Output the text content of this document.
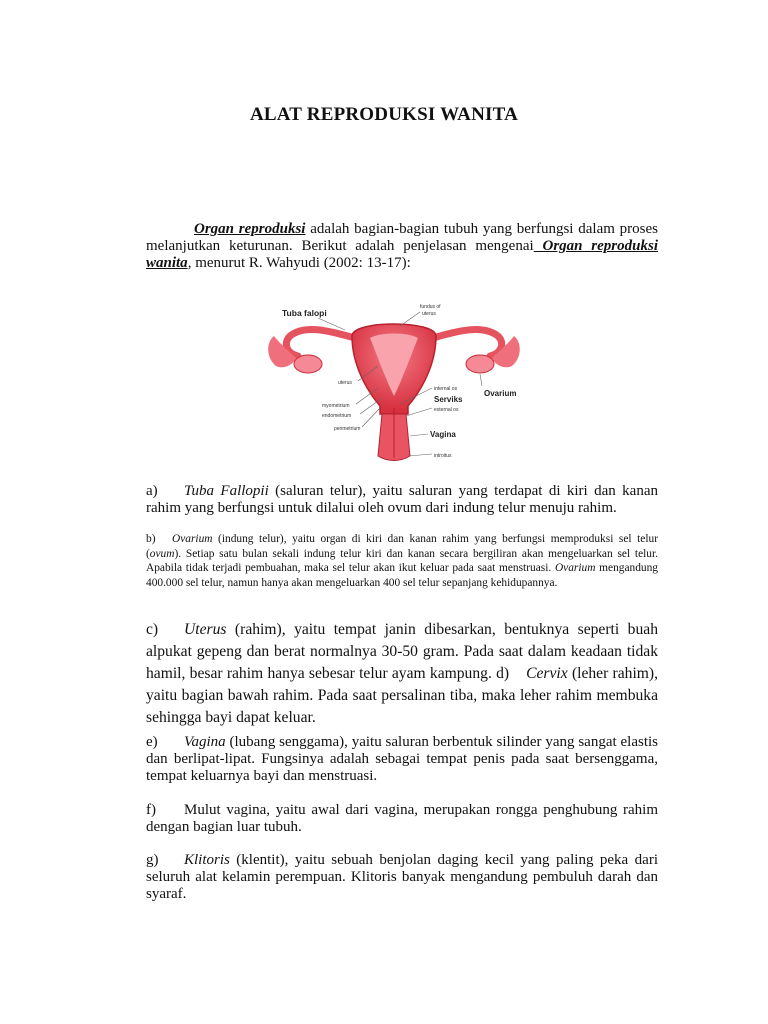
ALAT REPRODUKSI WANITA
Organ reproduksi adalah bagian-bagian tubuh yang berfungsi dalam proses melanjutkan keturunan. Berikut adalah penjelasan mengenai Organ reproduksi wanita, menurut R. Wahyudi (2002: 13-17):
Tuba falopi
fundus of
uterus
uterus
myometrium
endometrium
perimetrium
internal os
Serviks
external os
Ovarium
Vagina
introitus
a) Tuba Fallopii (saluran telur), yaitu saluran yang terdapat di kiri dan kanan rahim yang berfungsi untuk dilalui oleh ovum dari indung telur menuju rahim.
b) Ovarium (indung telur), yaitu organ di kiri dan kanan rahim yang berfungsi memproduksi sel telur (ovum). Setiap satu bulan sekali indung telur kiri dan kanan secara bergiliran akan mengeluarkan sel telur. Apabila tidak terjadi pembuahan, maka sel telur akan ikut keluar pada saat menstruasi. Ovarium mengandung 400.000 sel telur, namun hanya akan mengeluarkan 400 sel telur sepanjang kehidupannya.
c) Uterus (rahim), yaitu tempat janin dibesarkan, bentuknya seperti buah alpukat gepeng dan berat normalnya 30-50 gram. Pada saat dalam keadaan tidak hamil, besar rahim hanya sebesar telur ayam kampung. d) Cervix (leher rahim), yaitu bagian bawah rahim. Pada saat persalinan tiba, maka leher rahim membuka sehingga bayi dapat keluar.
e) Vagina (lubang senggama), yaitu saluran berbentuk silinder yang sangat elastis dan berlipat-lipat. Fungsinya adalah sebagai tempat penis pada saat bersenggama, tempat keluarnya bayi dan menstruasi.
f) Mulut vagina, yaitu awal dari vagina, merupakan rongga penghubung rahim dengan bagian luar tubuh.
g) Klitoris (klentit), yaitu sebuah benjolan daging kecil yang paling peka dari seluruh alat kelamin perempuan. Klitoris banyak mengandung pembuluh darah dan syaraf.
